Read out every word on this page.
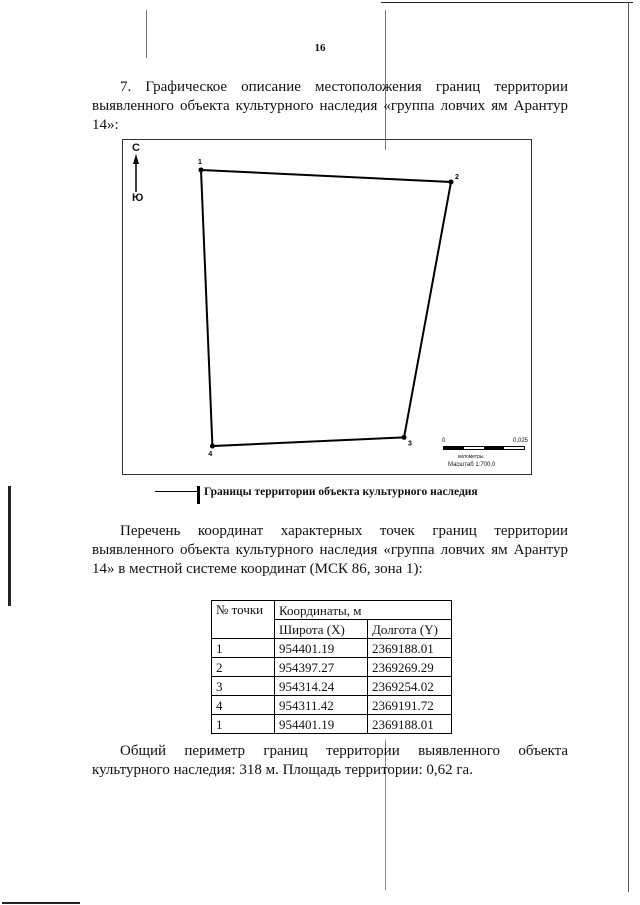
16
7. Графическое описание местоположения границ территории выявленного объекта культурного наследия «группа ловчих ям Арантур 14»:
С
Ю
1
2
3
4
0	0,025
километры
Масштаб 1:700,0
Границы территории объекта культурного наследия
Перечень координат характерных точек границ территории выявленного объекта культурного наследия «группа ловчих ям Арантур 14» в местной системе координат (МСК 86, зона 1):
№ точки	Координаты, м	
	Широта (X)	Долгота (Y)
1	954401.19	2369188.01
2	954397.27	2369269.29
3	954314.24	2369254.02
4	954311.42	2369191.72
1	954401.19	2369188.01
Общий периметр границ территории выявленного объекта культурного наследия: 318 м. Площадь территории: 0,62 га.
